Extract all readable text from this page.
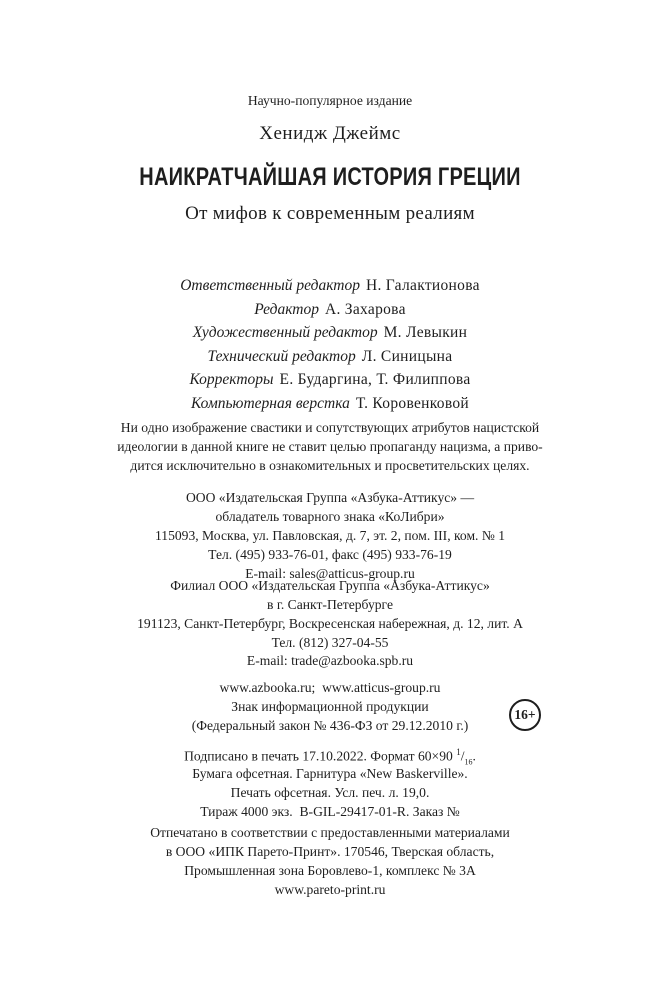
Научно-популярное издание
Хенидж Джеймс
НАИКРАТЧАЙШАЯ ИСТОРИЯ ГРЕЦИИ
От мифов к современным реалиям
Ответственный редактор Н. Галактионова
Редактор А. Захарова
Художественный редактор М. Левыкин
Технический редактор Л. Синицына
Корректоры Е. Бударгина, Т. Филиппова
Компьютерная верстка Т. Коровенковой
Ни одно изображение свастики и сопутствующих атрибутов нацистской
идеологии в данной книге не ставит целью пропаганду нацизма, а приво-
дится исключительно в ознакомительных и просветительских целях.
ООО «Издательская Группа «Азбука-Аттикус» —
обладатель товарного знака «КоЛибри»
115093, Москва, ул. Павловская, д. 7, эт. 2, пом. III, ком. № 1
Тел. (495) 933-76-01, факс (495) 933-76-19
E-mail: sales@atticus-group.ru
Филиал ООО «Издательская Группа «Азбука-Аттикус»
в г. Санкт-Петербурге
191123, Санкт-Петербург, Воскресенская набережная, д. 12, лит. А
Тел. (812) 327-04-55
E-mail: trade@azbooka.spb.ru
www.azbooka.ru;  www.atticus-group.ru
Знак информационной продукции
(Федеральный закон № 436-ФЗ от 29.12.2010 г.)
16+
Подписано в печать 17.10.2022. Формат 60×90 $^1/_{16}$.
Бумага офсетная. Гарнитура «New Baskerville».
Печать офсетная. Усл. печ. л. 19,0.
Тираж 4000 экз.  B-GIL-29417-01-R. Заказ №
Отпечатано в соответствии с предоставленными материалами
в ООО «ИПК Парето-Принт». 170546, Тверская область,
Промышленная зона Боровлево-1, комплекс № 3А
www.pareto-print.ru
